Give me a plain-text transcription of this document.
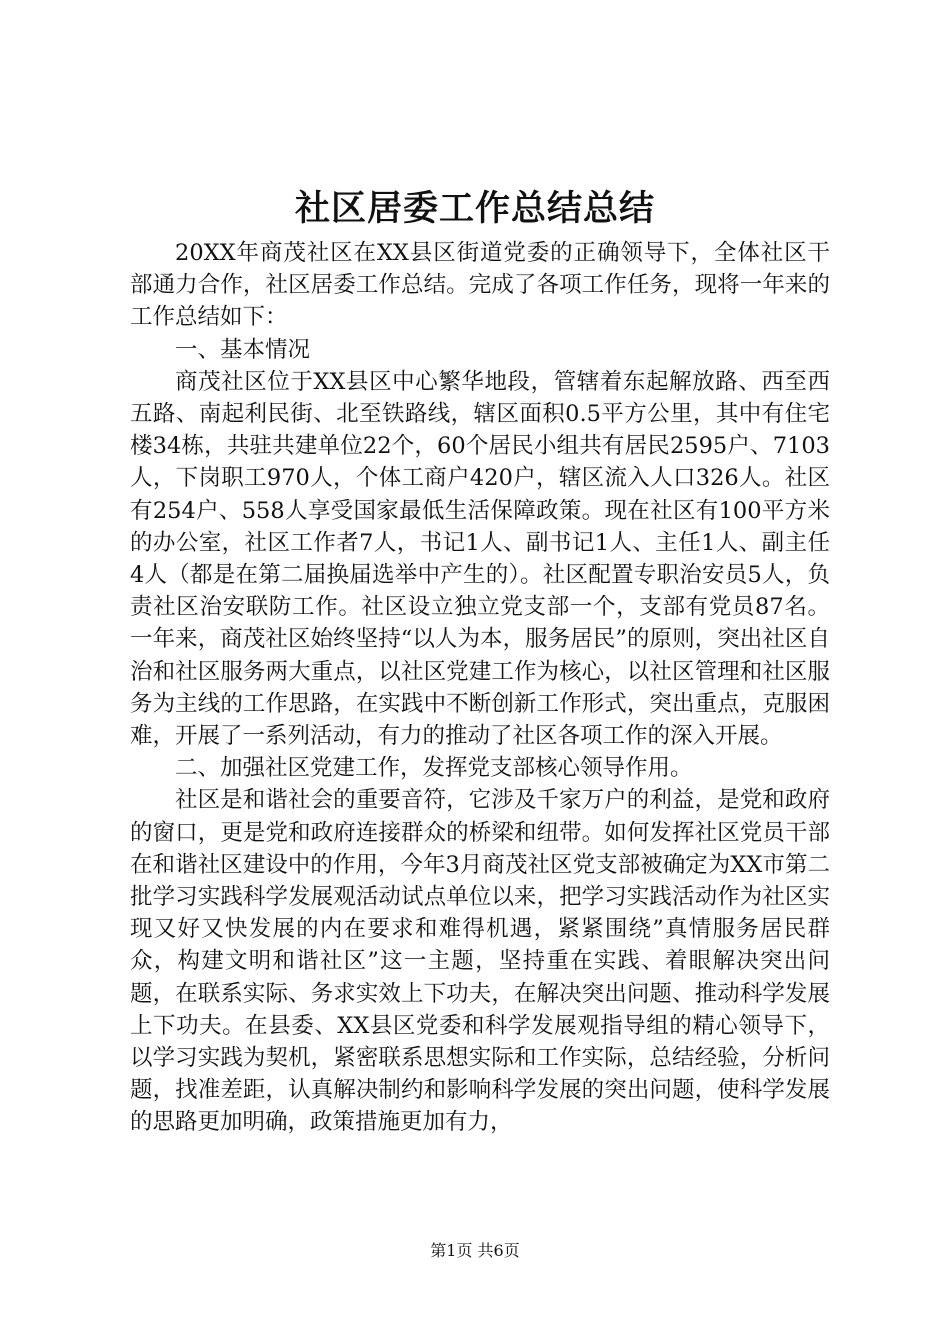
社区居委工作总结总结

20XX年商茂社区在XX县区街道党委的正确领导下，全体社区干部通力合作，社区居委工作总结。完成了各项工作任务，现将一年来的工作总结如下：

一、基本情况

商茂社区位于XX县区中心繁华地段，管辖着东起解放路、西至西五路、南起利民街、北至铁路线，辖区面积0.5平方公里，其中有住宅楼34栋，共驻共建单位22个，60个居民小组共有居民2595户、7103人，下岗职工970人，个体工商户420户，辖区流入人口326人。社区有254户、558人享受国家最低生活保障政策。现在社区有100平方米的办公室，社区工作者7人，书记1人、副书记1人、主任1人、副主任4人（都是在第二届换届选举中产生的）。社区配置专职治安员5人，负责社区治安联防工作。社区设立独立党支部一个，支部有党员87名。一年来，商茂社区始终坚持“以人为本，服务居民”的原则，突出社区自治和社区服务两大重点，以社区党建工作为核心，以社区管理和社区服务为主线的工作思路，在实践中不断创新工作形式，突出重点，克服困难，开展了一系列活动，有力的推动了社区各项工作的深入开展。

二、加强社区党建工作，发挥党支部核心领导作用。

社区是和谐社会的重要音符，它涉及千家万户的利益，是党和政府的窗口，更是党和政府连接群众的桥梁和纽带。如何发挥社区党员干部在和谐社区建设中的作用，今年3月商茂社区党支部被确定为XX市第二批学习实践科学发展观活动试点单位以来，把学习实践活动作为社区实现又好又快发展的内在要求和难得机遇，紧紧围绕”真情服务居民群众，构建文明和谐社区”这一主题，坚持重在实践、着眼解决突出问题，在联系实际、务求实效上下功夫，在解决突出问题、推动科学发展上下功夫。在县委、XX县区党委和科学发展观指导组的精心领导下，以学习实践为契机，紧密联系思想实际和工作实际，总结经验，分析问题，找准差距，认真解决制约和影响科学发展的突出问题，使科学发展的思路更加明确，政策措施更加有力，

第1页 共6页
